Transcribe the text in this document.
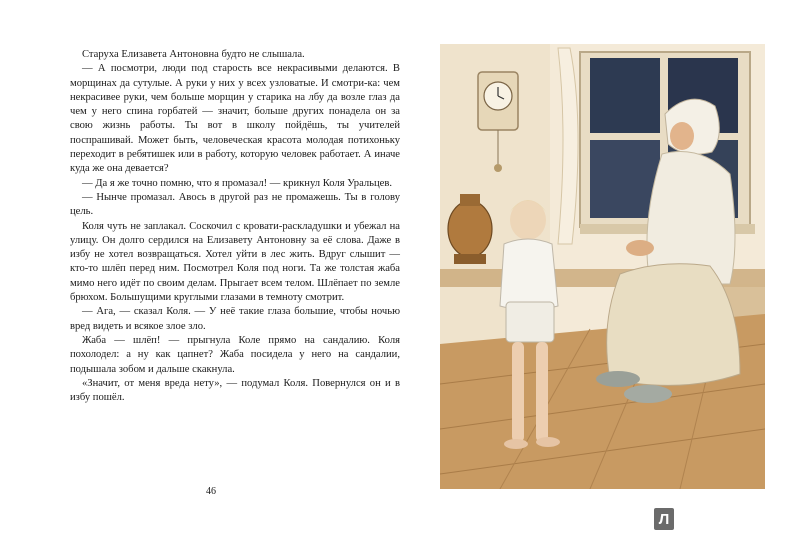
Старуха Елизавета Антоновна будто не слышала.

— А посмотри, люди под старость все некрасивыми делаются. В морщинах да сутулые. А руки у них у всех узловатые. И смотри-ка: чем некрасивее руки, чем больше морщин у старика на лбу да возле глаз да чем у него спина горбатей — значит, больше других понадела он за свою жизнь работы. Ты вот в школу пойдёшь, ты учителей поспрашивай. Может быть, человеческая красота молодая потихоньку переходит в ребятишек или в работу, которую человек работает. А иначе куда же она девается?

— Да я же точно помню, что я промазал! — крикнул Коля Уральцев.

— Нынче промазал. Авось в другой раз не промажешь. Ты в голову цель.

Коля чуть не заплакал. Соскочил с кровати-раскладушки и убежал на улицу. Он долго сердился на Елизавету Антоновну за её слова. Даже в избу не хотел возвращаться. Хотел уйти в лес жить. Вдруг слышит — кто-то шлёп перед ним. Посмотрел Коля под ноги. Та же толстая жаба мимо него идёт по своим делам. Прыгает всем телом. Шлёпает по земле брюхом. Большущими круглыми глазами в темноту смотрит.

— Ага, — сказал Коля. — У неё такие глаза большие, чтобы ночью вред видеть и всякое злое зло.

Жаба — шлёп! — прыгнула Коле прямо на сандалию. Коля похолодел: а ну как цапнет? Жаба посидела у него на сандалии, подышала зобом и дальше скакнула.

«Значит, от меня вреда нету», — подумал Коля. Повернулся он и в избу пошёл.

46
Л
